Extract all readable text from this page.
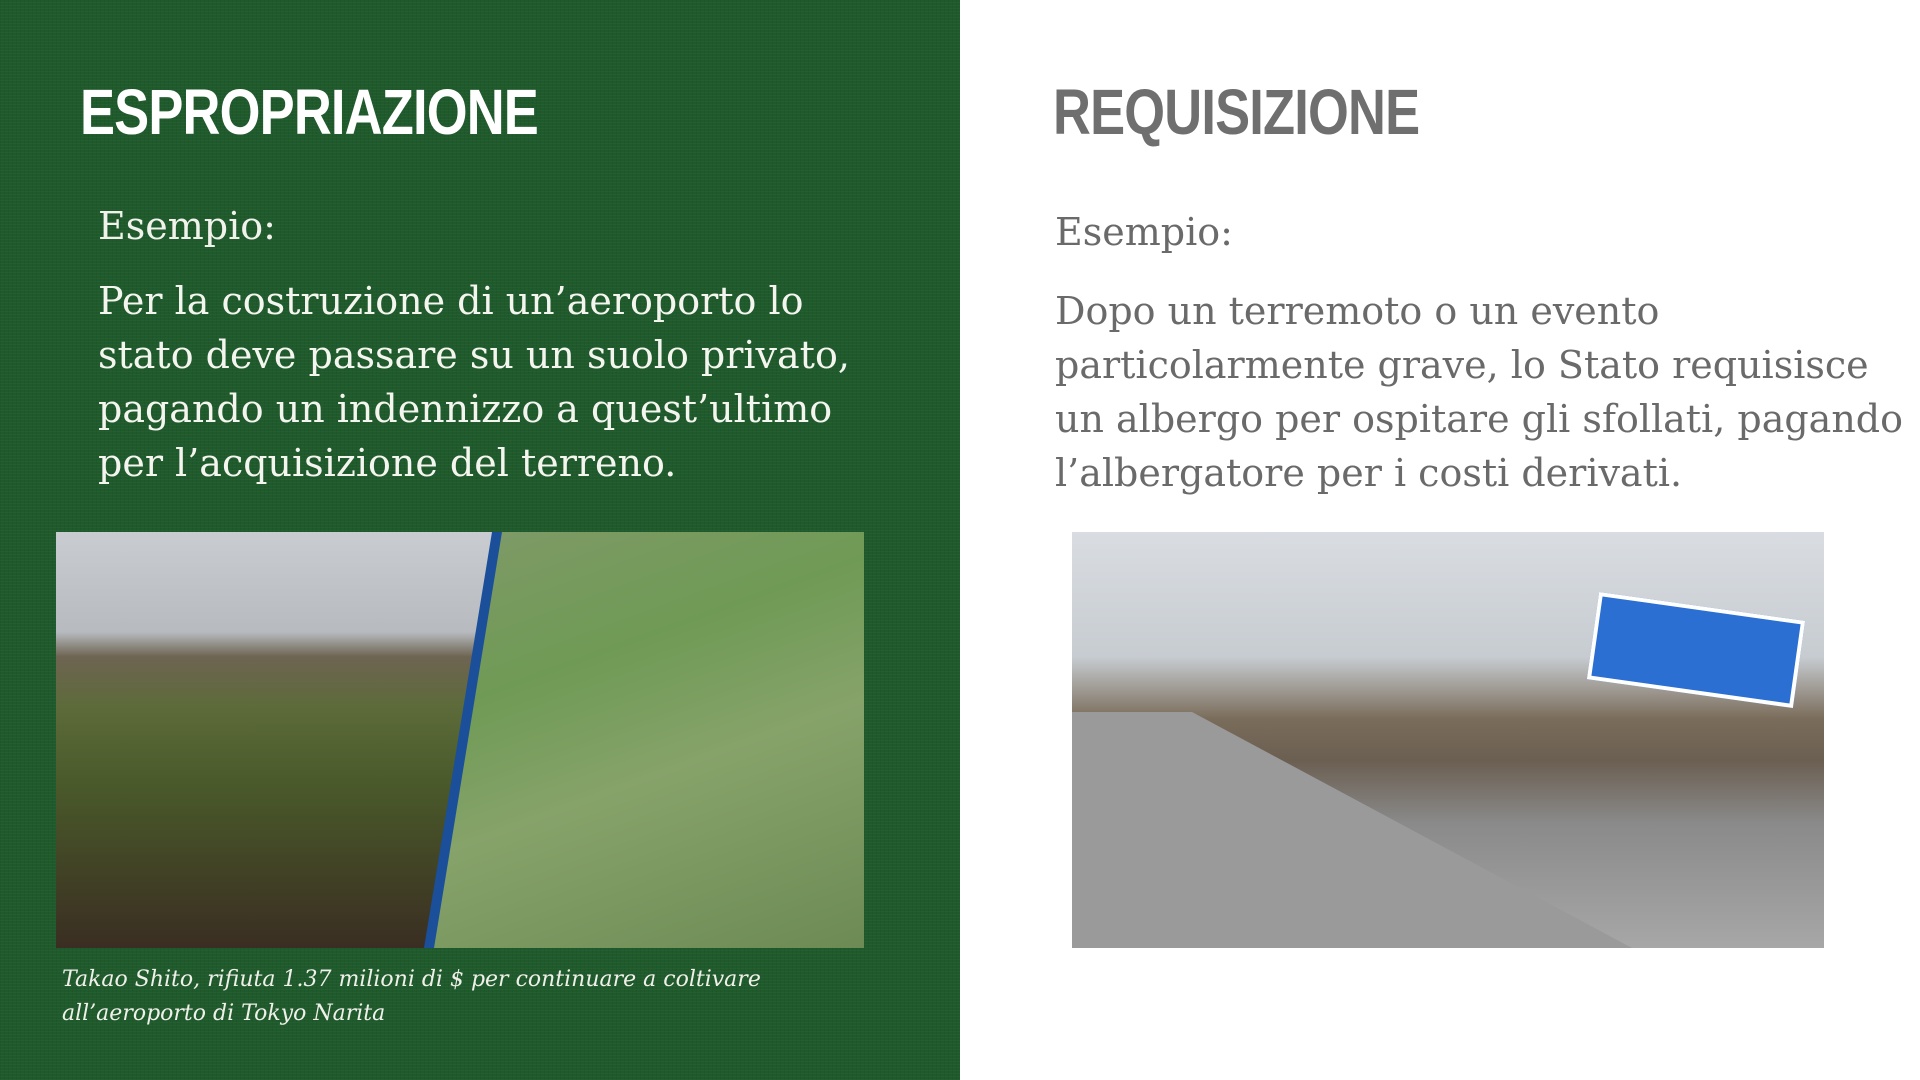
ESPROPRIAZIONE

Esempio:

Per la costruzione di un’aeroporto lo stato deve passare su un suolo privato, pagando un indennizzo a quest’ultimo per l’acquisizione del terreno.

Takao Shito, rifiuta 1.37 milioni di $ per continuare a coltivare all’aeroporto di Tokyo Narita

REQUISIZIONE

Esempio:

Dopo un terremoto o un evento particolarmente grave, lo Stato requisisce un albergo per ospitare gli sfollati, pagando l’albergatore per i costi derivati.
